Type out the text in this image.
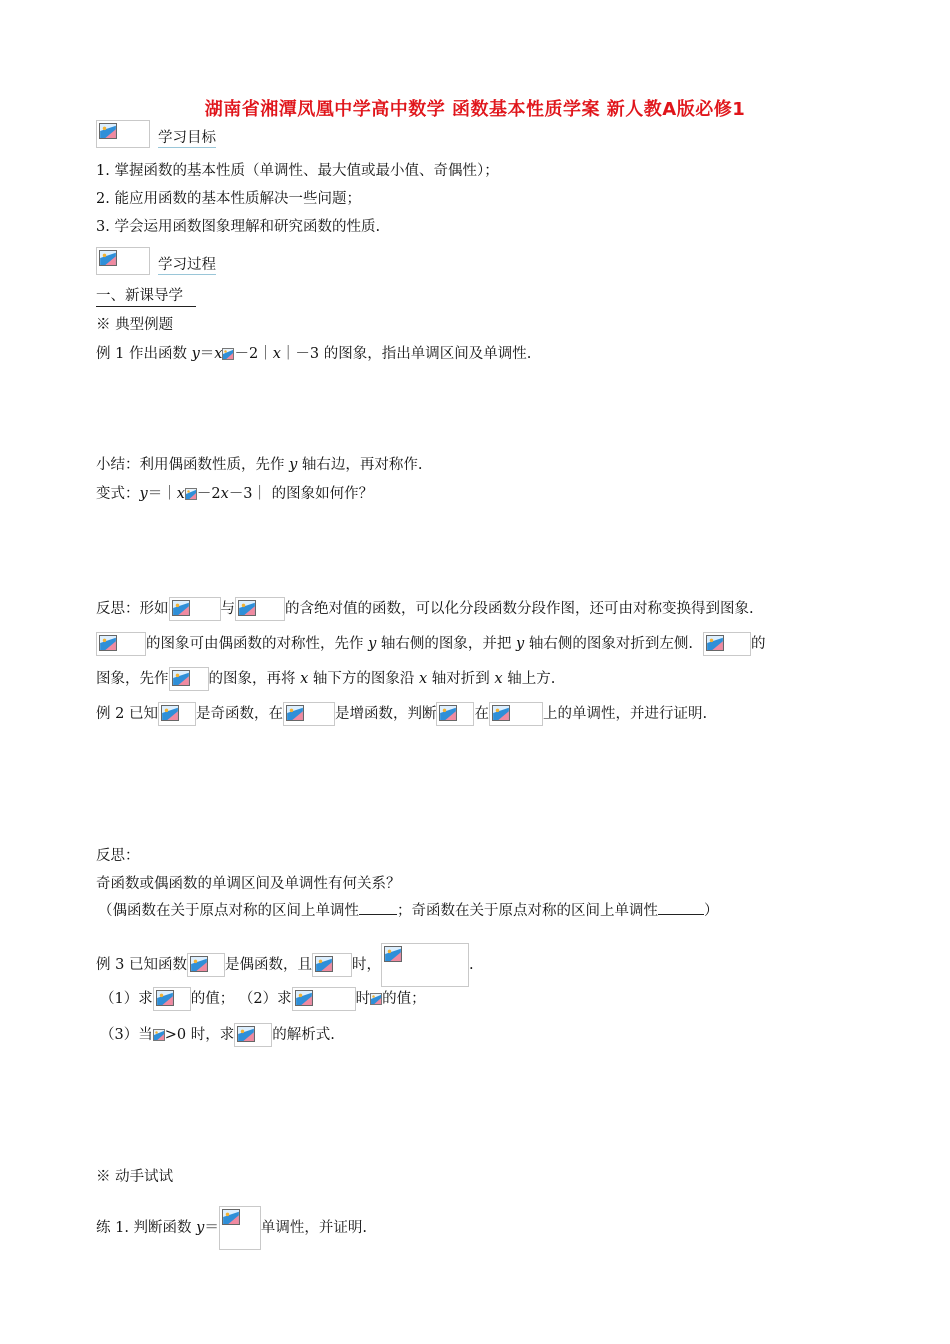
湖南省湘潭凤凰中学高中数学 函数基本性质学案 新人教A版必修1
学习目标
1. 掌握函数的基本性质（单调性、最大值或最小值、奇偶性）；
2. 能应用函数的基本性质解决一些问题；
3. 学会运用函数图象理解和研究函数的性质.
学习过程
一、新课导学
※ 典型例题
例 1 作出函数 y＝x －2｜x｜－3 的图象，指出单调区间及单调性.
小结：利用偶函数性质，先作 y 轴右边，再对称作.
变式：y＝｜x －2x－3｜ 的图象如何作？
反思：形如	与	的含绝对值的函数，可以化分段函数分段作图，还可由对称变换得到图象.
的图象可由偶函数的对称性，先作 y 轴右侧的图象，并把 y 轴右侧的图象对折到左侧.	的
图象，先作	的图象，再将 x 轴下方的图象沿 x 轴对折到 x 轴上方.
例 2 已知	是奇函数，在	是增函数，判断	在	上的单调性，并进行证明.
反思：
奇函数或偶函数的单调区间及单调性有何关系？
（偶函数在关于原点对称的区间上单调性	；奇函数在关于原点对称的区间上单调性	）
例 3 已知函数	是偶函数，且	时，	.
（1）求	的值； （2）求	时 的值；
（3）当 >0 时，求	的解析式.
※ 动手试试
练 1. 判断函数 y＝	单调性，并证明.
